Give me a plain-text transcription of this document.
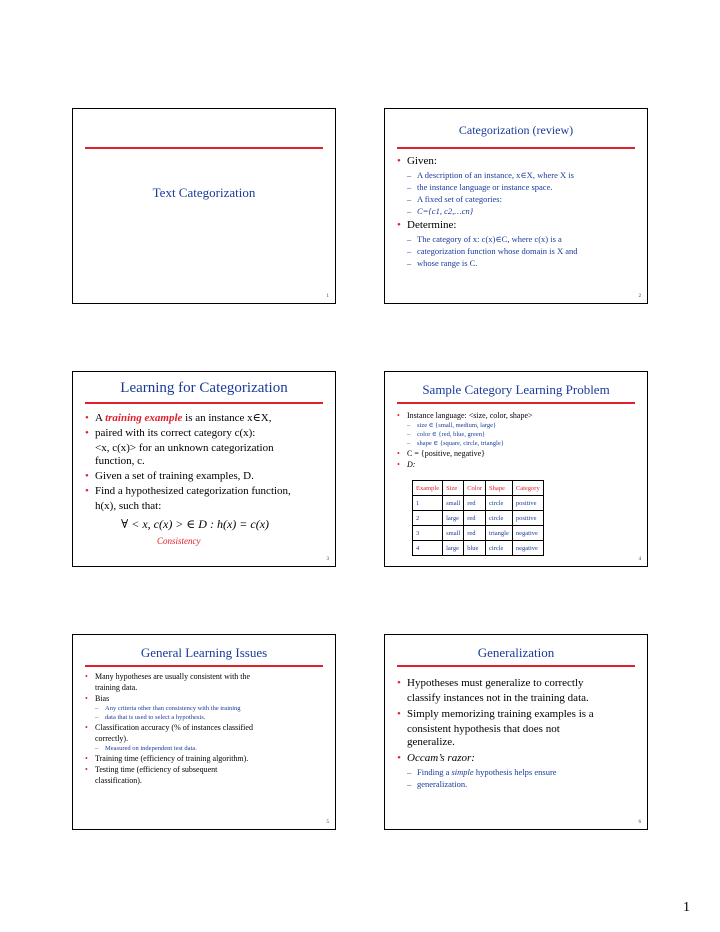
Text Categorization
1
Categorization (review)
• Given:
– A description of an instance, x∈X, where X is
– the instance language or instance space.
– A fixed set of categories:
– C={c1, c2,…cn}
• Determine:
– The category of x: c(x)∈C, where c(x) is a
– categorization function whose domain is X and
– whose range is C.
2
Learning for Categorization
• A training example is an instance x∈X,
• paired with its correct category c(x):
<x, c(x)> for an unknown categorization
function, c.
• Given a set of training examples, D.
• Find a hypothesized categorization function,
h(x), such that:
∀ < x, c(x) > ∈ D : h(x) = c(x)
Consistency
3
Sample Category Learning Problem
• Instance language: <size, color, shape>
– size ∈ {small, medium, large}
– color ∈ {red, blue, green}
– shape ∈ {square, circle, triangle}
• C = {positive, negative}
• D:
Example	Size	Color	Shape	Category
1	small	red	circle	positive
2	large	red	circle	positive
3	small	red	triangle	negative
4	large	blue	circle	negative
4
General Learning Issues
• Many hypotheses are usually consistent with the
training data.
• Bias
– Any criteria other than consistency with the training
– data that is used to select a hypothesis.
• Classification accuracy (% of instances classified
correctly).
– Measured on independent test data.
• Training time (efficiency of training algorithm).
• Testing time (efficiency of subsequent
classification).
5
Generalization
• Hypotheses must generalize to correctly
classify instances not in the training data.
• Simply memorizing training examples is a
consistent hypothesis that does not
generalize.
• Occam’s razor:
– Finding a simple hypothesis helps ensure
– generalization.
6
1
